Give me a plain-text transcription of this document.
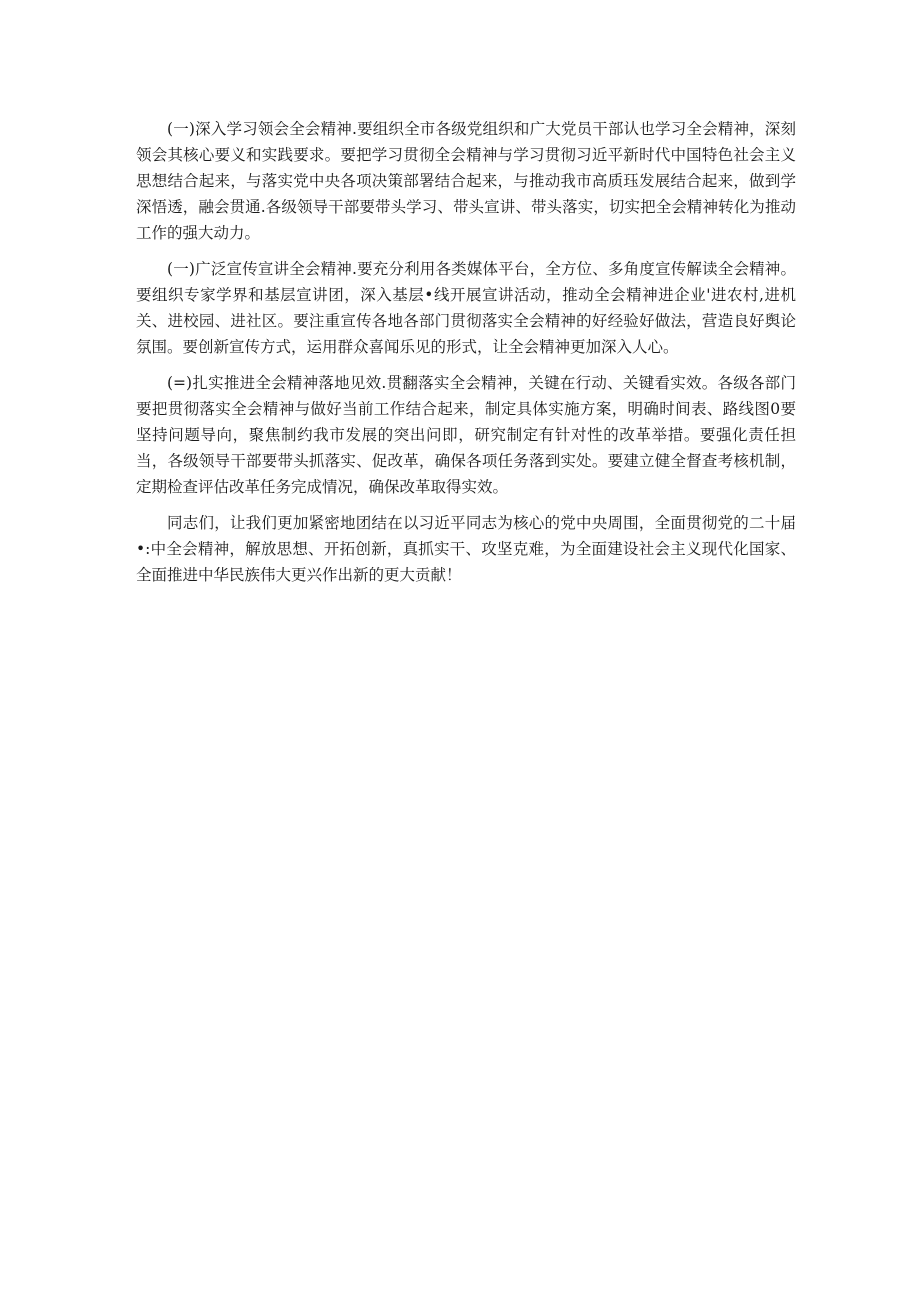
(一)深入学习领会全会精神.要组织全市各级党组织和广大党员干部认也学习全会精神，深刻领会其核心要义和实践要求。要把学习贯彻全会精神与学习贯彻习近平新时代中国特色社会主义思想结合起来，与落实党中央各项决策部署结合起来，与推动我市高质珏发展结合起来，做到学深悟透，融会贯通.各级领导干部要带头学习、带头宣讲、带头落实，切实把全会精神转化为推动工作的强大动力。

(一)广泛宣传宣讲全会精神.要充分利用各类媒体平台，全方位、多角度宣传解读全会精神。要组织专家学界和基层宣讲团，深入基层•线开展宣讲活动，推动全会精神进企业'进农村,进机关、进校园、进社区。要注重宣传各地各部门贯彻落实全会精神的好经验好做法，营造良好舆论氛围。要创新宣传方式，运用群众喜闻乐见的形式，让全会精神更加深入人心。

(=)扎实推进全会精神落地见效.贯翻落实全会精神，关键在行动、关键看实效。各级各部门要把贯彻落实全会精神与做好当前工作结合起来，制定具体实施方案，明确时间表、路线图0要坚持问题导向，聚焦制约我市发展的突出问即，研究制定有针对性的改革举措。要强化责任担当，各级领导干部要带头抓落实、促改革，确保各项任务落到实处。要建立健全督查考核机制，定期检查评估改革任务完成情况，确保改革取得实效。

同志们，让我们更加紧密地团结在以习近平同志为核心的党中央周围，全面贯彻党的二十届•:中全会精神，解放思想、开拓创新，真抓实干、攻坚克难，为全面建设社会主义现代化国家、全面推进中华民族伟大更兴作出新的更大贡献！
